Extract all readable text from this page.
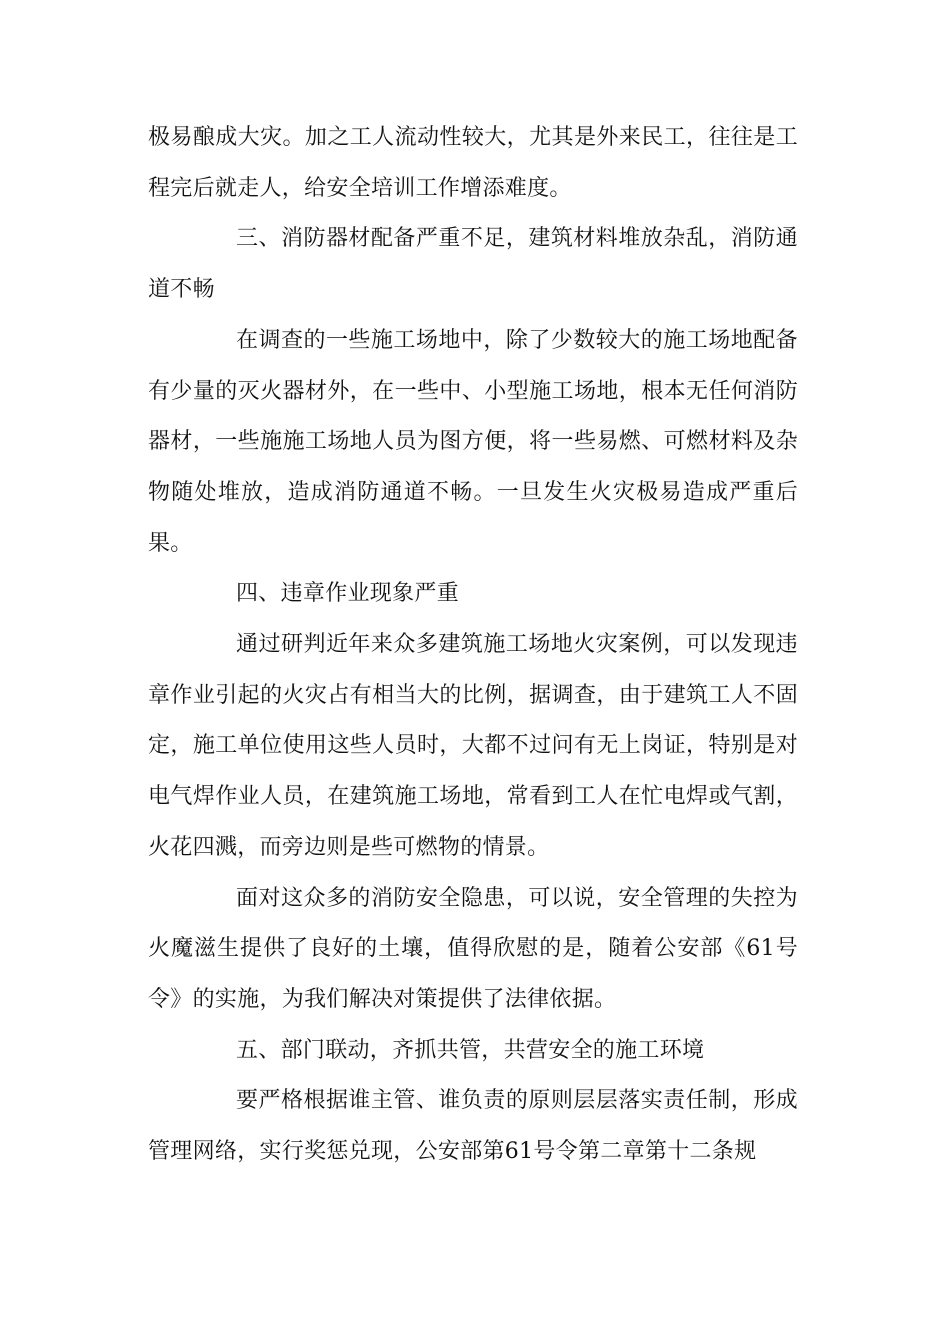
极易酿成大灾。加之工人流动性较大，尤其是外来民工，往往是工程完后就走人，给安全培训工作增添难度。

三、消防器材配备严重不足，建筑材料堆放杂乱，消防通道不畅

在调查的一些施工场地中，除了少数较大的施工场地配备有少量的灭火器材外，在一些中、小型施工场地，根本无任何消防器材，一些施施工场地人员为图方便，将一些易燃、可燃材料及杂物随处堆放，造成消防通道不畅。一旦发生火灾极易造成严重后果。

四、违章作业现象严重

通过研判近年来众多建筑施工场地火灾案例，可以发现违章作业引起的火灾占有相当大的比例，据调查，由于建筑工人不固定，施工单位使用这些人员时，大都不过问有无上岗证，特别是对电气焊作业人员，在建筑施工场地，常看到工人在忙电焊或气割，火花四溅，而旁边则是些可燃物的情景。

面对这众多的消防安全隐患，可以说，安全管理的失控为火魔滋生提供了良好的土壤，值得欣慰的是，随着公安部《61号令》的实施，为我们解决对策提供了法律依据。

五、部门联动，齐抓共管，共营安全的施工环境

要严格根据谁主管、谁负责的原则层层落实责任制，形成管理网络，实行奖惩兑现，公安部第61号令第二章第十二条规
